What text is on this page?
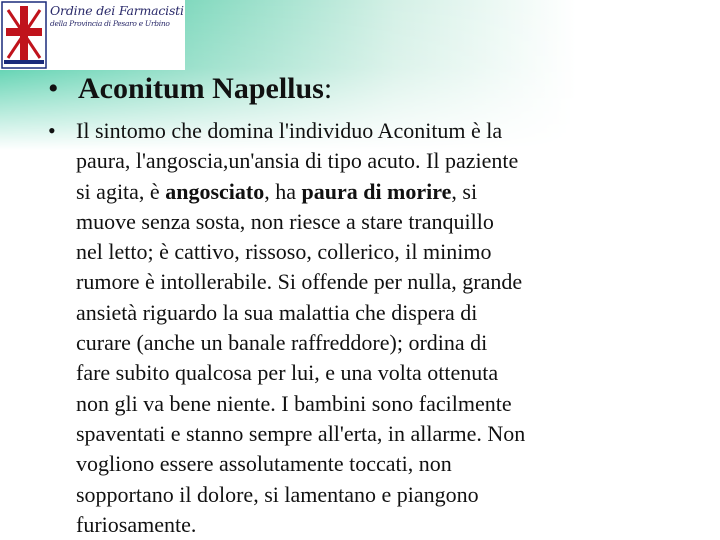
Ordine dei Farmacisti
della Provincia di Pesaro e Urbino
• Aconitum Napellus:
• Il sintomo che domina l'individuo Aconitum è la
paura, l'angoscia,un'ansia di tipo acuto. Il paziente
si agita, è angosciato, ha paura di morire, si
muove senza sosta, non riesce a stare tranquillo
nel letto; è cattivo, rissoso, collerico, il minimo
rumore è intollerabile. Si offende per nulla, grande
ansietà riguardo la sua malattia che dispera di
curare (anche un banale raffreddore); ordina di
fare subito qualcosa per lui, e una volta ottenuta
non gli va bene niente. I bambini sono facilmente
spaventati e stanno sempre all'erta, in allarme. Non
vogliono essere assolutamente toccati, non
sopportano il dolore, si lamentano e piangono
furiosamente.
